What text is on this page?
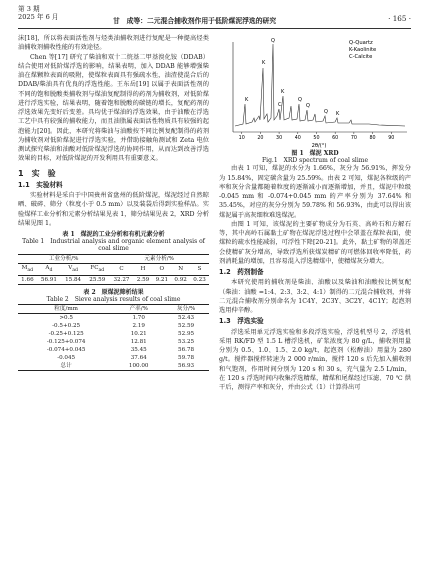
第 3 期
2025 年 6 月	甘　成等：二元混合捕收剂作用于低阶煤泥浮选的研究	· 165 ·

沫[18]，所以将表面活性剂与烃类油捕收剂进行复配是一种提高烃类油捕收剂捕收性能的有效途径。

Chen 等[17] 研究了柴油和双十二烷基二甲基溴化铵（DDAB）结合使用对低阶煤浮选的影响，结果表明，加入 DDAB 能够增强柴油在煤颗粒表面的吸附，使煤粒表面具有强疏水性，油渣使混合后的 DDAB/柴油具有优良的浮选性能。王东岳[19] 以属于表面活性剂的不同的饱和脱酸类捕收剂与煤油复配制得的药剂为捕收剂，对低阶煤进行浮选实验，结果表明，随着饱和脱酸的碳链的增长，复配药剂的浮选效果先变好后变差。具均优于煤油的浮选效果，由于油酸在浮选工艺中具有较强的捕收能力，而且油脂属表面活性物质具有较强的起泡能力[20]。因此，本研究将柴油与油酸按不同比例复配制得的药剂为捕收剂对低阶煤泥进行浮选实验，并借助接触角测试和 Zeta 电位测试探究柴油和油酸对低阶煤泥浮选的协同作用，从而达到改善浮选效果的目标，对低阶煤泥的开发利用具有重要意义。

1　实　验
1.1　实验材料

实验材料是采自于中国贵州省盘州的低阶煤泥，煤泥经过自然晾晒、破碎、筛分（粒度小于 0.5 mm）以及装袋后得到实验样品。实验煤样工业分析和元素分析结果见表 1，筛分结果见表 2，XRD 分析结果见图 1。

表 1　煤泥的工业分析和有机元素分析
Table 1　Industrial analysis and organic element analysis of coal slime
工业分析/%				元素分析/%				
$M_{ad}$	$A_d$	$V_{ad}$	$FC_{ad}$	C	H	O	N	S
1.66	56.91	15.84	25.59	32.27	2.59	9.21	0.92	0.23
表 2　原煤泥筛析结果
Table 2　Sieve analysis results of coal slime
粒度/mm	产率/%	灰分/%
>0.5	1.70	52.43
-0.5+0.25	2.19	52.59
-0.25+0.125	10.21	52.95
-0.125+0.074	12.81	53.25
-0.074+0.045	35.45	56.78
-0.045	37.64	59.78
总计	100.00	56.93
K
K
Q
C
K
Q
Q
Q K
Q-Quartz
K-Kaolinite
C-Calcite
10	20	30	40	50	60	70	80	90
2θ/(°)
图 1　煤泥 XRD
Fig.1　XRD spectrum of coal slime

由表 1 可知，煤泥的水分为 1.66%，灰分为 56.91%，挥发分为 15.84%，固定碳含量为 25.59%。由表 2 可知，煤泥各粒级的产率和灰分含量都随着粒度的逐渐减小而逐渐增加，并且，煤泥中粒级 -0.045 mm 和 -0.074+0.045 mm 的产率分别为 37.64% 和 35.45%，对应的灰分分别为 59.78% 和 56.93%，由此可以得出该煤泥属于高灰细粒难选煤泥。

由图 1 可知，该煤泥的主要矿物成分为石英、高岭石和方解石等，其中高岭石属黏土矿物在煤泥浮选过程中会罩盖在煤粒表面，使煤粒的疏水性能减弱，可浮性下降[20-21]。此外，黏土矿物的罩盖还会使精矿灰分增高，导致浮选所获煤炭精矿的可燃体回收率降低，药剂消耗量的增加，且容易混入浮选精煤中，使精煤灰分增大。

1.2　药剂制备

本研究使用的捕收剂是柴油、油酸以及柴油和油酸按比例复配（柴油：油酸 =1:4、2:3、3:2、4:1）制得的二元混合捕收剂，并将二元混合捕收剂分别命名为 1C4Y、2C3Y、3C2Y、4C1Y；起泡剂选用仲辛醇。

1.3　浮选实验

浮选采用单元浮选实验和多段浮选实验，浮选机型号 2，浮选机采用 RK/FD 型 1.5 L 槽浮选机，矿浆浓度为 80 g/L，捕收剂用量分别为 0.5、1.0、1.5、2.0 kg/t，起泡剂（松醇油）用量为 280 g/t。搅拌器搅拌转速为 2 000 r/min，搅拌 120 s 后先加入捕收剂和气饱剂，作用时间分别为 120 s 和 30 s，充气量为 2.5 L/min，在 120 s 浮选时间内收集浮选精煤，精煤和尾煤经过压滤、70 ℃ 烘干后，测得产率和灰分，并由公式（1）计算得出可
